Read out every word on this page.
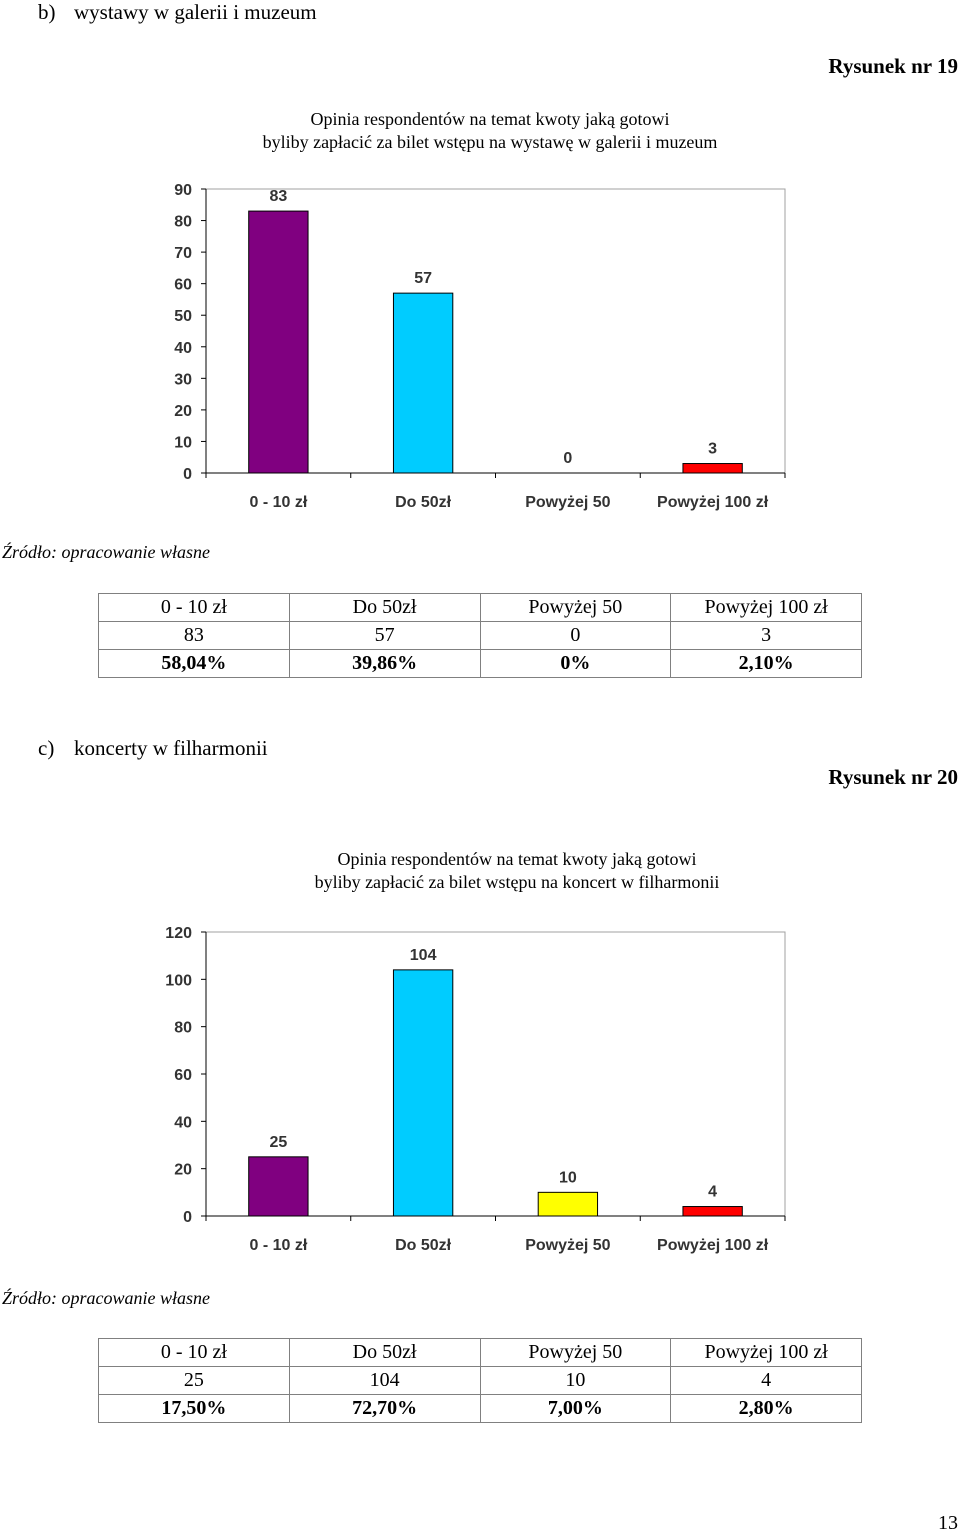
b) wystawy w galerii i muzeum
Rysunek nr 19
Opinia respondentów na temat kwoty jaką gotowi
byliby zapłacić za bilet wstępu na wystawę w galerii i muzeum
0
10
20
30
40
50
60
70
80
90	83
0 - 10 zł
57
Do 50zł
0
Powyżej 50
3
Powyżej 100 zł
Źródło: opracowanie własne
0 - 10 zł	Do 50zł	Powyżej 50	Powyżej 100 zł
83	57	0	3
58,04%	39,86%	0%	2,10%
c) koncerty w filharmonii
Rysunek nr 20
Opinia respondentów na temat kwoty jaką gotowi
byliby zapłacić za bilet wstępu na koncert w filharmonii
0
20
40
60
80
100
120
25
0 - 10 zł
104
Do 50zł
10
Powyżej 50
4
Powyżej 100 zł
Źródło: opracowanie własne
0 - 10 zł	Do 50zł	Powyżej 50	Powyżej 100 zł
25	104	10	4
17,50%	72,70%	7,00%	2,80%
13
